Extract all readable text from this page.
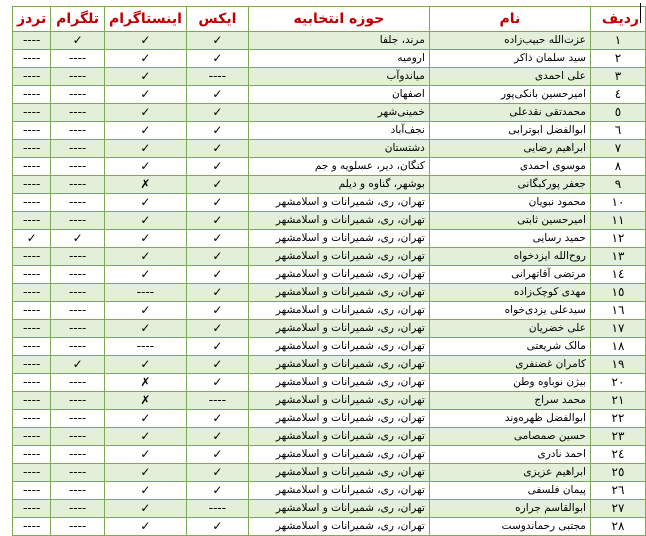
ردیف	نام	حوزه انتخابیه	ایکس	اینستاگرام	تلگرام	تردز
۱	عزت‌الله حبیب‌زاده	مرند، جلفا	✓	✓	✓	----
۲	سید سلمان ذاکر	ارومیه	✓	✓	----	----
۳	علی احمدی	میاندوآب	----	✓	----	----
٤	امیرحسین بانکی‌پور	اصفهان	✓	✓	----	----
٥	محمدتقی نقدعلی	خمینی‌شهر	✓	✓	----	----
٦	ابوالفضل ابوترابی	نجف‌آباد	✓	✓	----	----
٧	ابراهیم رضایی	دشتستان	✓	✓	----	----
۸	موسوی احمدی	کنگان، دیر، عسلویه و جم	✓	✓	----	----
۹	جعفر پورکبگانی	بوشهر، گناوه و دیلم	✓	✗	----	----
۱۰	محمود نبویان	تهران، ری، شمیرانات و اسلامشهر	✓	✓	----	----
۱۱	امیرحسین ثابتی	تهران، ری، شمیرانات و اسلامشهر	✓	✓	----	----
۱۲	حمید رسایی	تهران، ری، شمیرانات و اسلامشهر	✓	✓	✓	✓
۱۳	روح‌الله ایزدخواه	تهران، ری، شمیرانات و اسلامشهر	✓	✓	----	----
۱٤	مرتضی آقاتهرانی	تهران، ری، شمیرانات و اسلامشهر	✓	✓	----	----
۱٥	مهدی کوچک‌زاده	تهران، ری، شمیرانات و اسلامشهر	✓	----	----	----
۱٦	سیدعلی یزدی‌خواه	تهران، ری، شمیرانات و اسلامشهر	✓	✓	----	----
۱٧	علی خضریان	تهران، ری، شمیرانات و اسلامشهر	✓	✓	----	----
۱۸	مالک شریعتی	تهران، ری، شمیرانات و اسلامشهر	✓	----	----	----
۱۹	کامران غضنفری	تهران، ری، شمیرانات و اسلامشهر	✓	✓	✓	----
۲۰	بیژن نوباوه وطن	تهران، ری، شمیرانات و اسلامشهر	✓	✗	----	----
۲۱	محمد سراج	تهران، ری، شمیرانات و اسلامشهر	----	✗	----	----
۲۲	ابوالفضل ظهره‌وند	تهران، ری، شمیرانات و اسلامشهر	✓	✓	----	----
۲۳	حسین صمصامی	تهران، ری، شمیرانات و اسلامشهر	✓	✓	----	----
۲٤	احمد نادری	تهران، ری، شمیرانات و اسلامشهر	✓	✓	----	----
۲٥	ابراهیم عزیزی	تهران، ری، شمیرانات و اسلامشهر	✓	✓	----	----
۲٦	پیمان فلسفی	تهران، ری، شمیرانات و اسلامشهر	✓	✓	----	----
۲٧	ابوالقاسم جراره	تهران، ری، شمیرانات و اسلامشهر	----	✓	----	----
۲۸	مجتبی رحماندوست	تهران، ری، شمیرانات و اسلامشهر	✓	✓	----	----
